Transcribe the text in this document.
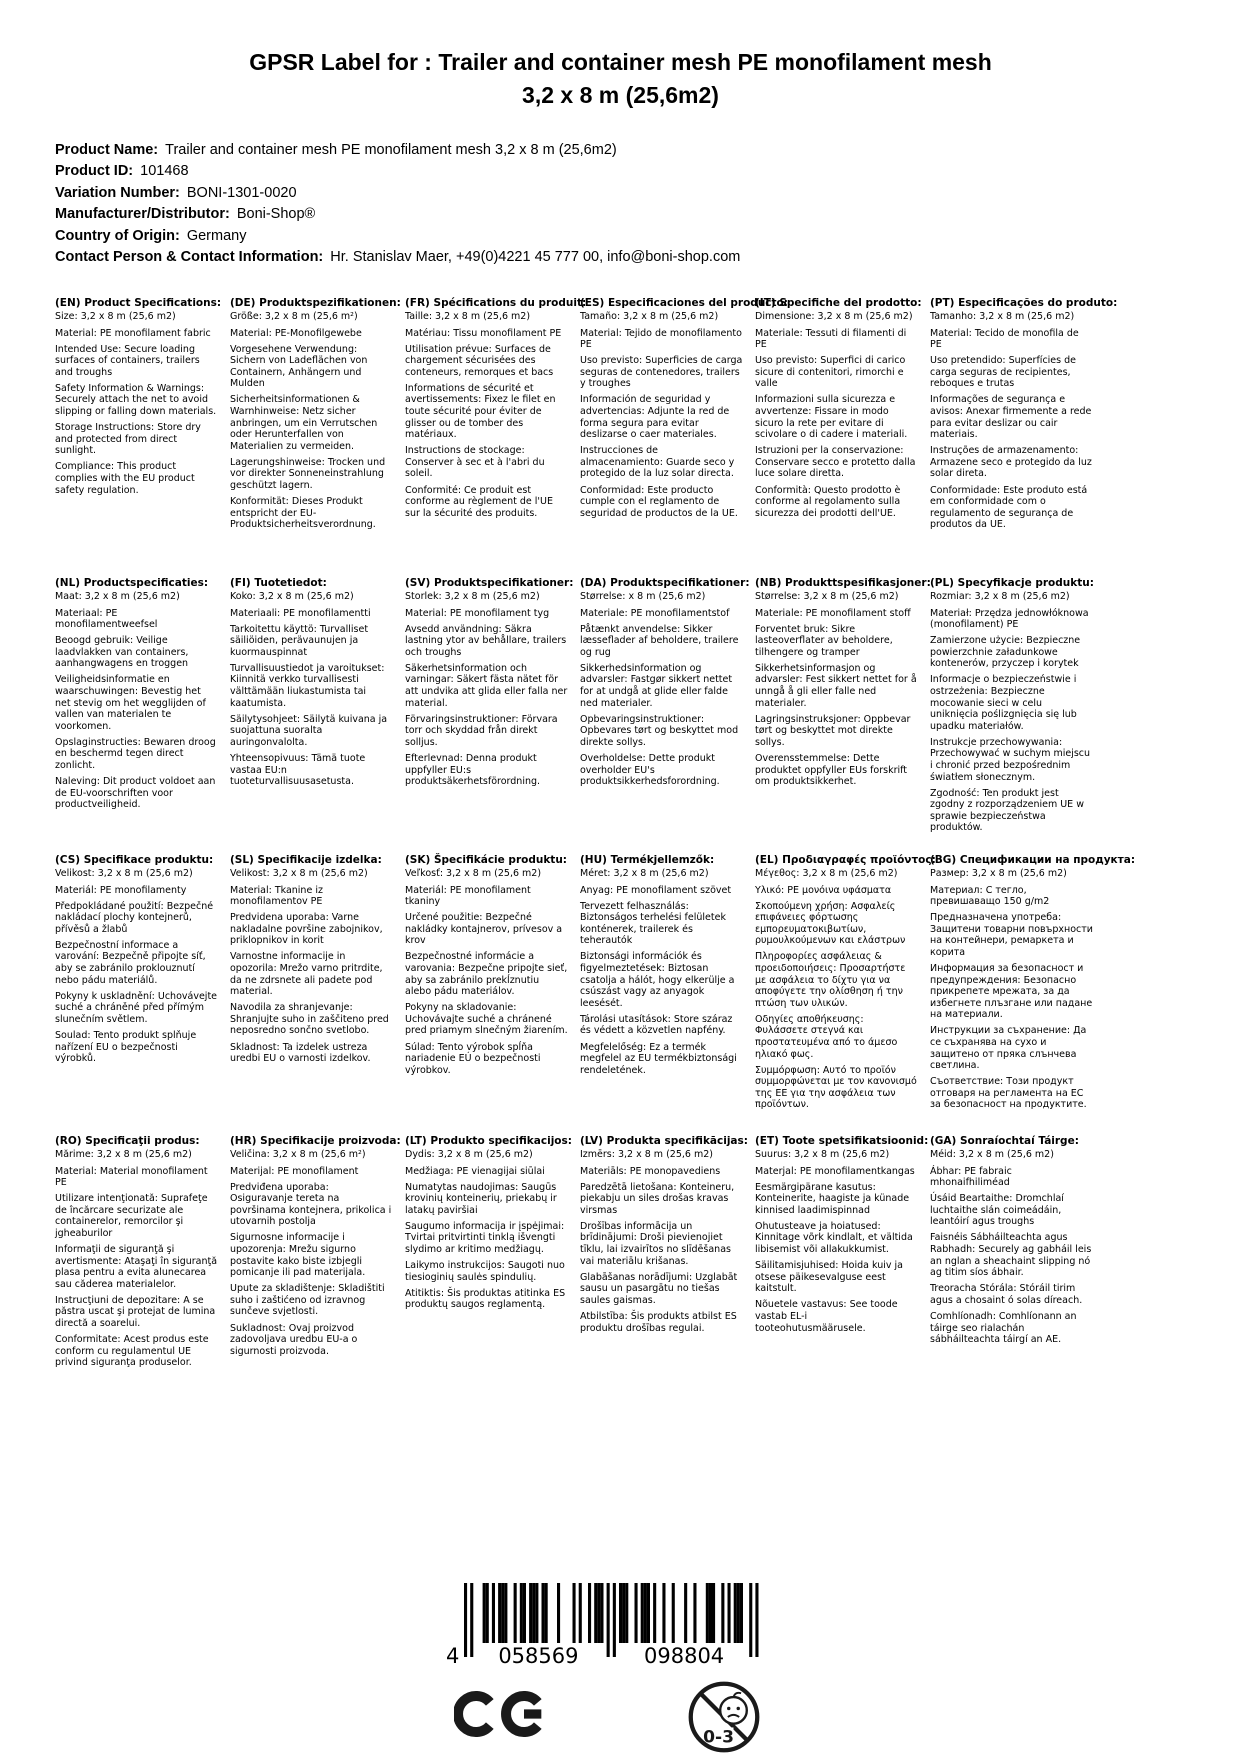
GPSR Label for : Trailer and container mesh PE monofilament mesh
3,2 x 8 m (25,6m2)
Product Name: Trailer and container mesh PE monofilament mesh 3,2 x 8 m (25,6m2)
Product ID: 101468
Variation Number: BONI-1301-0020
Manufacturer/Distributor: Boni-Shop®
Country of Origin: Germany
Contact Person & Contact Information: Hr. Stanislav Maer, +49(0)4221 45 777 00, info@boni-shop.com
(EN) Product Specifications:
Size: 3,2 x 8 m (25,6 m2)
Material: PE monofilament fabric
Intended Use: Secure loading surfaces of containers, trailers and troughs
Safety Information & Warnings: Securely attach the net to avoid slipping or falling down materials.
Storage Instructions: Store dry and protected from direct sunlight.
Compliance: This product complies with the EU product safety regulation.
(DE) Produktspezifikationen:
Größe: 3,2 x 8 m (25,6 m²)
Material: PE-Monofilgewebe
Vorgesehene Verwendung: Sichern von Ladeflächen von Containern, Anhängern und Mulden
Sicherheitsinformationen & Warnhinweise: Netz sicher anbringen, um ein Verrutschen oder Herunterfallen von Materialien zu vermeiden.
Lagerungshinweise: Trocken und vor direkter Sonneneinstrahlung geschützt lagern.
Konformität: Dieses Produkt entspricht der EU-Produktsicherheitsverordnung.
(FR) Spécifications du produit:
Taille: 3,2 x 8 m (25,6 m2)
Matériau: Tissu monofilament PE
Utilisation prévue: Surfaces de chargement sécurisées des conteneurs, remorques et bacs
Informations de sécurité et avertissements: Fixez le filet en toute sécurité pour éviter de glisser ou de tomber des matériaux.
Instructions de stockage: Conserver à sec et à l'abri du soleil.
Conformité: Ce produit est conforme au règlement de l'UE sur la sécurité des produits.
(ES) Especificaciones del producto:
Tamaño: 3,2 x 8 m (25,6 m2)
Material: Tejido de monofilamento PE
Uso previsto: Superficies de carga seguras de contenedores, trailers y troughes
Información de seguridad y advertencias: Adjunte la red de forma segura para evitar deslizarse o caer materiales.
Instrucciones de almacenamiento: Guarde seco y protegido de la luz solar directa.
Conformidad: Este producto cumple con el reglamento de seguridad de productos de la UE.
(IT) Specifiche del prodotto:
Dimensione: 3,2 x 8 m (25,6 m2)
Materiale: Tessuti di filamenti di PE
Uso previsto: Superfici di carico sicure di contenitori, rimorchi e valle
Informazioni sulla sicurezza e avvertenze: Fissare in modo sicuro la rete per evitare di scivolare o di cadere i materiali.
Istruzioni per la conservazione: Conservare secco e protetto dalla luce solare diretta.
Conformità: Questo prodotto è conforme al regolamento sulla sicurezza dei prodotti dell'UE.
(PT) Especificações do produto:
Tamanho: 3,2 x 8 m (25,6 m2)
Material: Tecido de monofila de PE
Uso pretendido: Superfícies de carga seguras de recipientes, reboques e trutas
Informações de segurança e avisos: Anexar firmemente a rede para evitar deslizar ou cair materiais.
Instruções de armazenamento: Armazene seco e protegido da luz solar direta.
Conformidade: Este produto está em conformidade com o regulamento de segurança de produtos da UE.
(NL) Productspecificaties:
Maat: 3,2 x 8 m (25,6 m2)
Materiaal: PE monofilamentweefsel
Beoogd gebruik: Veilige laadvlakken van containers, aanhangwagens en troggen
Veiligheidsinformatie en waarschuwingen: Bevestig het net stevig om het wegglijden of vallen van materialen te voorkomen.
Opslaginstructies: Bewaren droog en beschermd tegen direct zonlicht.
Naleving: Dit product voldoet aan de EU-voorschriften voor productveiligheid.
(FI) Tuotetiedot:
Koko: 3,2 x 8 m (25,6 m2)
Materiaali: PE monofilamentti
Tarkoitettu käyttö: Turvalliset säiliöiden, perävaunujen ja kuormauspinnat
Turvallisuustiedot ja varoitukset: Kiinnitä verkko turvallisesti välttämään liukastumista tai kaatumista.
Säilytysohjeet: Säilytä kuivana ja suojattuna suoralta auringonvalolta.
Yhteensopivuus: Tämä tuote vastaa EU:n tuoteturvallisuusasetusta.
(SV) Produktspecifikationer:
Storlek: 3,2 x 8 m (25,6 m2)
Material: PE monofilament tyg
Avsedd användning: Säkra lastning ytor av behållare, trailers och troughs
Säkerhetsinformation och varningar: Säkert fästa nätet för att undvika att glida eller falla ner material.
Förvaringsinstruktioner: Förvara torr och skyddad från direkt solljus.
Efterlevnad: Denna produkt uppfyller EU:s produktsäkerhetsförordning.
(DA) Produktspecifikationer:
Størrelse: x 8 m (25,6 m2)
Materiale: PE monofilamentstof
Påtænkt anvendelse: Sikker læsseflader af beholdere, trailere og rug
Sikkerhedsinformation og advarsler: Fastgør sikkert nettet for at undgå at glide eller falde ned materialer.
Opbevaringsinstruktioner: Opbevares tørt og beskyttet mod direkte sollys.
Overholdelse: Dette produkt overholder EU's produktsikkerhedsforordning.
(NB) Produkttspesifikasjoner:
Størrelse: 3,2 x 8 m (25,6 m2)
Materiale: PE monofilament stoff
Forventet bruk: Sikre lasteoverflater av beholdere, tilhengere og tramper
Sikkerhetsinformasjon og advarsler: Fest sikkert nettet for å unngå å gli eller falle ned materialer.
Lagringsinstruksjoner: Oppbevar tørt og beskyttet mot direkte sollys.
Overensstemmelse: Dette produktet oppfyller EUs forskrift om produktsikkerhet.
(PL) Specyfikacje produktu:
Rozmiar: 3,2 x 8 m (25,6 m2)
Materiał: Przędza jednowłóknowa (monofilament) PE
Zamierzone użycie: Bezpieczne powierzchnie załadunkowe kontenerów, przyczep i korytek
Informacje o bezpieczeństwie i ostrzeżenia: Bezpieczne mocowanie sieci w celu uniknięcia poślizgnięcia się lub upadku materiałów.
Instrukcje przechowywania: Przechowywać w suchym miejscu i chronić przed bezpośrednim światłem słonecznym.
Zgodność: Ten produkt jest zgodny z rozporządzeniem UE w sprawie bezpieczeństwa produktów.
(CS) Specifikace produktu:
Velikost: 3,2 x 8 m (25,6 m2)
Materiál: PE monofilamenty
Předpokládané použití: Bezpečné nakládací plochy kontejnerů, přívěsů a žlabů
Bezpečnostní informace a varování: Bezpečně připojte síť, aby se zabránilo proklouznutí nebo pádu materiálů.
Pokyny k uskladnění: Uchovávejte suché a chráněné před přímým slunečním světlem.
Soulad: Tento produkt splňuje nařízení EU o bezpečnosti výrobků.
(SL) Specifikacije izdelka:
Velikost: 3,2 x 8 m (25,6 m2)
Material: Tkanine iz monofilamentov PE
Predvidena uporaba: Varne nakladalne površine zabojnikov, priklopnikov in korit
Varnostne informacije in opozorila: Mrežo varno pritrdite, da ne zdrsnete ali padete pod material.
Navodila za shranjevanje: Shranjujte suho in zaščiteno pred neposredno sončno svetlobo.
Skladnost: Ta izdelek ustreza uredbi EU o varnosti izdelkov.
(SK) Špecifikácie produktu:
Veľkosť: 3,2 x 8 m (25,6 m2)
Materiál: PE monofilament tkaniny
Určené použitie: Bezpečné nakládky kontajnerov, prívesov a krov
Bezpečnostné informácie a varovania: Bezpečne pripojte sieť, aby sa zabránilo prekĺznutiu alebo pádu materiálov.
Pokyny na skladovanie: Uchovávajte suché a chránené pred priamym slnečným žiarením.
Súlad: Tento výrobok spĺňa nariadenie EÚ o bezpečnosti výrobkov.
(HU) Termékjellemzők:
Méret: 3,2 x 8 m (25,6 m2)
Anyag: PE monofilament szövet
Tervezett felhasználás: Biztonságos terhelési felületek konténerek, trailerek és teherautók
Biztonsági információk és figyelmeztetések: Biztosan csatolja a hálót, hogy elkerülje a csúszást vagy az anyagok leesését.
Tárolási utasítások: Store száraz és védett a közvetlen napfény.
Megfelelőség: Ez a termék megfelel az EU termékbiztonsági rendeletének.
(EL) Προδιαγραφές προϊόντος:
Μέγεθος: 3,2 x 8 m (25,6 m2)
Υλικό: PE μονόινα υφάσματα
Σκοπούμενη χρήση: Ασφαλείς επιφάνειες φόρτωσης εμπορευματοκιβωτίων, ρυμουλκούμενων και ελάστρων
Πληροφορίες ασφάλειας & προειδοποιήσεις: Προσαρτήστε με ασφάλεια το δίχτυ για να αποφύγετε την ολίσθηση ή την πτώση των υλικών.
Οδηγίες αποθήκευσης: Φυλάσσετε στεγνά και προστατευμένα από το άμεσο ηλιακό φως.
Συμμόρφωση: Αυτό το προϊόν συμμορφώνεται με τον κανονισμό της ΕΕ για την ασφάλεια των προϊόντων.
(BG) Спецификации на продукта:
Размер: 3,2 x 8 m (25,6 m2)
Материал: С тегло, превишаващо 150 g/m2
Предназначена употреба: Защитени товарни повърхности на контейнери, ремаркета и корита
Информация за безопасност и предупреждения: Безопасно прикрепете мрежата, за да избегнете плъзгане или падане на материали.
Инструкции за съхранение: Да се съхранява на сухо и защитено от пряка слънчева светлина.
Съответствие: Този продукт отговаря на регламента на ЕС за безопасност на продуктите.
(RO) Specificaţii produs:
Mărime: 3,2 x 8 m (25,6 m2)
Material: Material monofilament PE
Utilizare intenţionată: Suprafeţe de încărcare securizate ale containerelor, remorcilor şi jgheaburilor
Informaţii de siguranţă şi avertismente: Ataşaţi în siguranţă plasa pentru a evita alunecarea sau căderea materialelor.
Instrucţiuni de depozitare: A se păstra uscat şi protejat de lumina directă a soarelui.
Conformitate: Acest produs este conform cu regulamentul UE privind siguranţa produselor.
(HR) Specifikacije proizvoda:
Veličina: 3,2 x 8 m (25,6 m²)
Materijal: PE monofilament
Predviđena uporaba: Osiguravanje tereta na površinama kontejnera, prikolica i utovarnih postolja
Sigurnosne informacije i upozorenja: Mrežu sigurno postavite kako biste izbjegli pomicanje ili pad materijala.
Upute za skladištenje: Skladištiti suho i zaštićeno od izravnog sunčeve svjetlosti.
Sukladnost: Ovaj proizvod zadovoljava uredbu EU-a o sigurnosti proizvoda.
(LT) Produkto specifikacijos:
Dydis: 3,2 x 8 m (25,6 m2)
Medžiaga: PE vienagijai siūlai
Numatytas naudojimas: Saugūs krovinių konteinerių, priekabų ir latakų paviršiai
Saugumo informacija ir įspėjimai: Tvirtai pritvirtinti tinklą išvengti slydimo ar kritimo medžiagų.
Laikymo instrukcijos: Saugoti nuo tiesioginių saulės spindulių.
Atitiktis: Šis produktas atitinka ES produktų saugos reglamentą.
(LV) Produkta specifikācijas:
Izmērs: 3,2 x 8 m (25,6 m2)
Materiāls: PE monopavediens
Paredzētā lietošana: Konteineru, piekabju un siles drošas kravas virsmas
Drošības informācija un brīdinājumi: Droši pievienojiet tīklu, lai izvairītos no slīdēšanas vai materiālu krišanas.
Glabāšanas norādījumi: Uzglabāt sausu un pasargātu no tiešas saules gaismas.
Atbilstība: Šis produkts atbilst ES produktu drošības regulai.
(ET) Toote spetsifikatsioonid:
Suurus: 3,2 x 8 m (25,6 m2)
Materjal: PE monofilamentkangas
Eesmärgipärane kasutus: Konteinerite, haagiste ja künade kinnised laadimispinnad
Ohutusteave ja hoiatused: Kinnitage võrk kindlalt, et vältida libisemist või allakukkumist.
Säilitamisjuhised: Hoida kuiv ja otsese päikesevalguse eest kaitstult.
Nõuetele vastavus: See toode vastab EL-i tooteohutusmäärusele.
(GA) Sonraíochtaí Táirge:
Méid: 3,2 x 8 m (25,6 m2)
Ábhar: PE fabraic mhonaifhiliméad
Úsáid Beartaithe: Dromchlaí luchtaithe slán coimeádáin, leantóirí agus troughs
Faisnéis Sábháilteachta agus Rabhadh: Securely ag gabháil leis an nglan a sheachaint slipping nó ag titim síos ábhair.
Treoracha Stórála: Stóráil tirim agus a chosaint ó solas díreach.
Comhlíonadh: Comhlíonann an táirge seo rialachán sábháilteachta táirgí an AE.
4 058569	098804
0-3
